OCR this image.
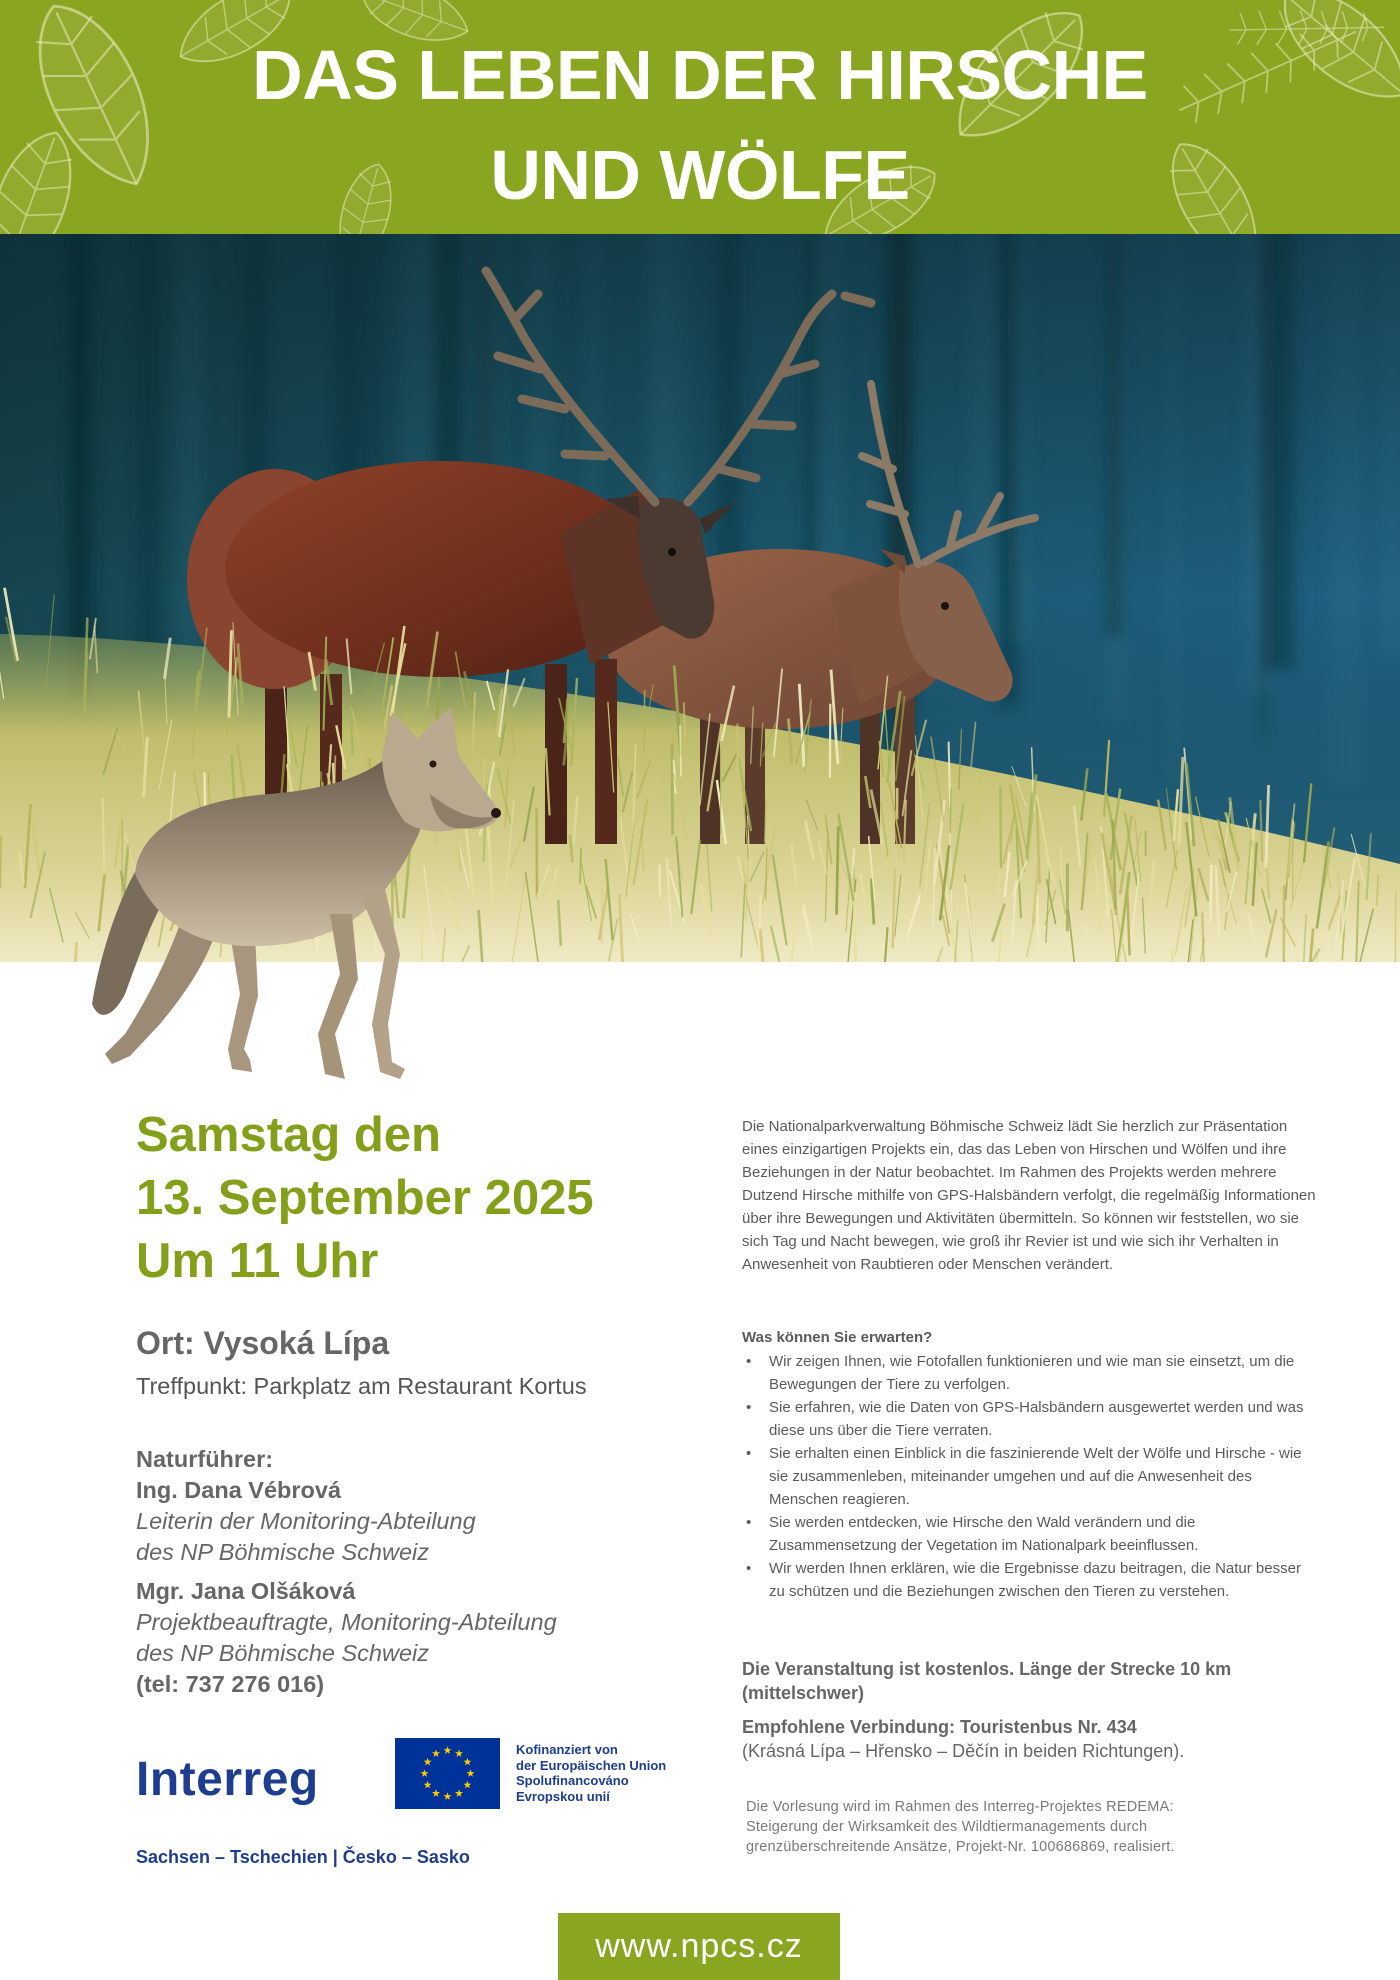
DAS LEBEN DER HIRSCHE
UND WÖLFE
Samstag den
13. September 2025
Um 11 Uhr
Ort: Vysoká Lípa
Treffpunkt: Parkplatz am Restaurant Kortus
Naturführer:
Ing. Dana Vébrová
Leiterin der Monitoring-Abteilung
des NP Böhmische Schweiz
Mgr. Jana Olšáková
Projektbeauftragte, Monitoring-Abteilung
des NP Böhmische Schweiz
(tel: 737 276 016)
Interreg
Kofinanziert von
der Europäischen Union
Spolufinancováno
Evropskou unií
Sachsen – Tschechien | Česko – Sasko
Die Nationalparkverwaltung Böhmische Schweiz lädt Sie herzlich zur Präsentation eines einzigartigen Projekts ein, das das Leben von Hirschen und Wölfen und ihre Beziehungen in der Natur beobachtet. Im Rahmen des Projekts werden mehrere Dutzend Hirsche mithilfe von GPS-Halsbändern verfolgt, die regelmäßig Informationen über ihre Bewegungen und Aktivitäten übermitteln. So können wir feststellen, wo sie sich Tag und Nacht bewegen, wie groß ihr Revier ist und wie sich ihr Verhalten in Anwesenheit von Raubtieren oder Menschen verändert.
Was können Sie erwarten?
• Wir zeigen Ihnen, wie Fotofallen funktionieren und wie man sie einsetzt, um die Bewegungen der Tiere zu verfolgen.
• Sie erfahren, wie die Daten von GPS-Halsbändern ausgewertet werden und was diese uns über die Tiere verraten.
• Sie erhalten einen Einblick in die faszinierende Welt der Wölfe und Hirsche - wie sie zusammenleben, miteinander umgehen und auf die Anwesenheit des Menschen reagieren.
• Sie werden entdecken, wie Hirsche den Wald verändern und die Zusammensetzung der Vegetation im Nationalpark beeinflussen.
• Wir werden Ihnen erklären, wie die Ergebnisse dazu beitragen, die Natur besser zu schützen und die Beziehungen zwischen den Tieren zu verstehen.
Die Veranstaltung ist kostenlos. Länge der Strecke 10 km (mittelschwer)
Empfohlene Verbindung: Touristenbus Nr. 434
(Krásná Lípa – Hřensko – Děčín in beiden Richtungen).
Die Vorlesung wird im Rahmen des Interreg-Projektes REDEMA: Steigerung der Wirksamkeit des Wildtiermanagements durch grenzüberschreitende Ansätze, Projekt-Nr. 100686869, realisiert.
www.npcs.cz
